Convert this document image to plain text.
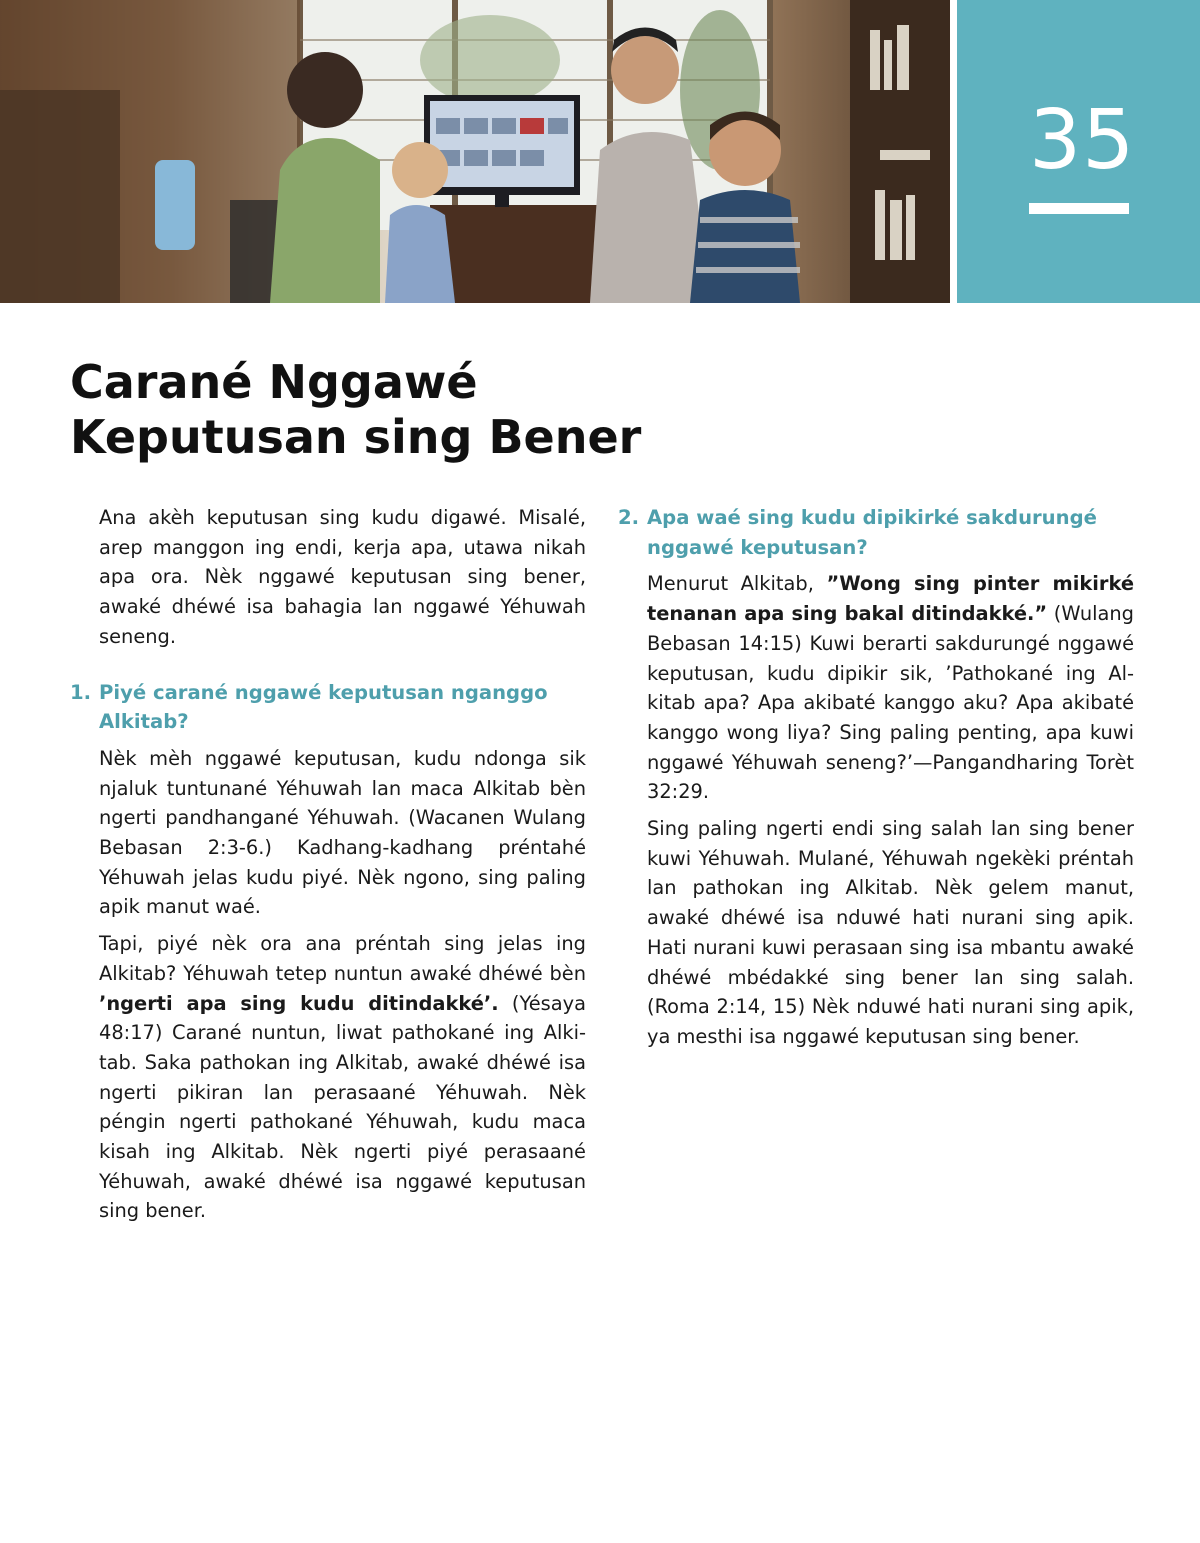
35
Carané Nggawé
Keputusan sing Bener

Ana akèh keputusan sing kudu digawé. Misalé, arep manggon ing endi, kerja apa, utawa nikah apa ora. Nèk nggawé keputusan sing bener, awaké dhéwé isa bahagia lan nggawé Yéhuwah seneng.

1. Piyé carané nggawé keputusan nganggo Alkitab?

Nèk mèh nggawé keputusan, kudu ndonga sik njaluk tuntunané Yéhuwah lan maca Alkitab bèn ngerti pandhangané Yéhuwah. (Wacanen Wulang Bebasan 2:3-6.) Kadhang-kadhang préntahé Yéhuwah jelas kudu piyé. Nèk ngono, sing paling apik manut waé.

Tapi, piyé nèk ora ana préntah sing jelas ing Alkitab? Yéhuwah tetep nuntun awaké dhéwé bèn ’ngerti apa sing kudu ditindakké’. (Yésaya 48:17) Carané nuntun, liwat pathokané ing Alkitab. Saka pathokan ing Alkitab, awaké dhéwé isa ngerti pikiran lan perasaané Yéhuwah. Nèk péngin ngerti pathokané Yéhuwah, kudu maca kisah ing Alkitab. Nèk ngerti piyé perasaané Yéhuwah, awaké dhéwé isa nggawé keputusan sing bener.

2. Apa waé sing kudu dipikirké sakdurungé nggawé keputusan?

Menurut Alkitab, ”Wong sing pinter mikirké tenanan apa sing bakal ditindakké.” (Wulang Bebasan 14:15) Kuwi berarti sakdurungé nggawé keputusan, kudu dipikir sik, ’Pathokané ing Alkitab apa? Apa akibaté kanggo aku? Apa akibaté kanggo wong liya? Sing paling penting, apa kuwi nggawé Yéhuwah seneng?’—Pangandharing Torèt 32:29.

Sing paling ngerti endi sing salah lan sing bener kuwi Yéhuwah. Mulané, Yéhuwah ngekèki préntah lan pathokan ing Alkitab. Nèk gelem manut, awaké dhéwé isa nduwé hati nurani sing apik. Hati nurani kuwi perasaan sing isa mbantu awaké dhéwé mbédakké sing bener lan sing salah. (Roma 2:14, 15) Nèk nduwé hati nurani sing apik, ya mesthi isa nggawé keputusan sing bener.
